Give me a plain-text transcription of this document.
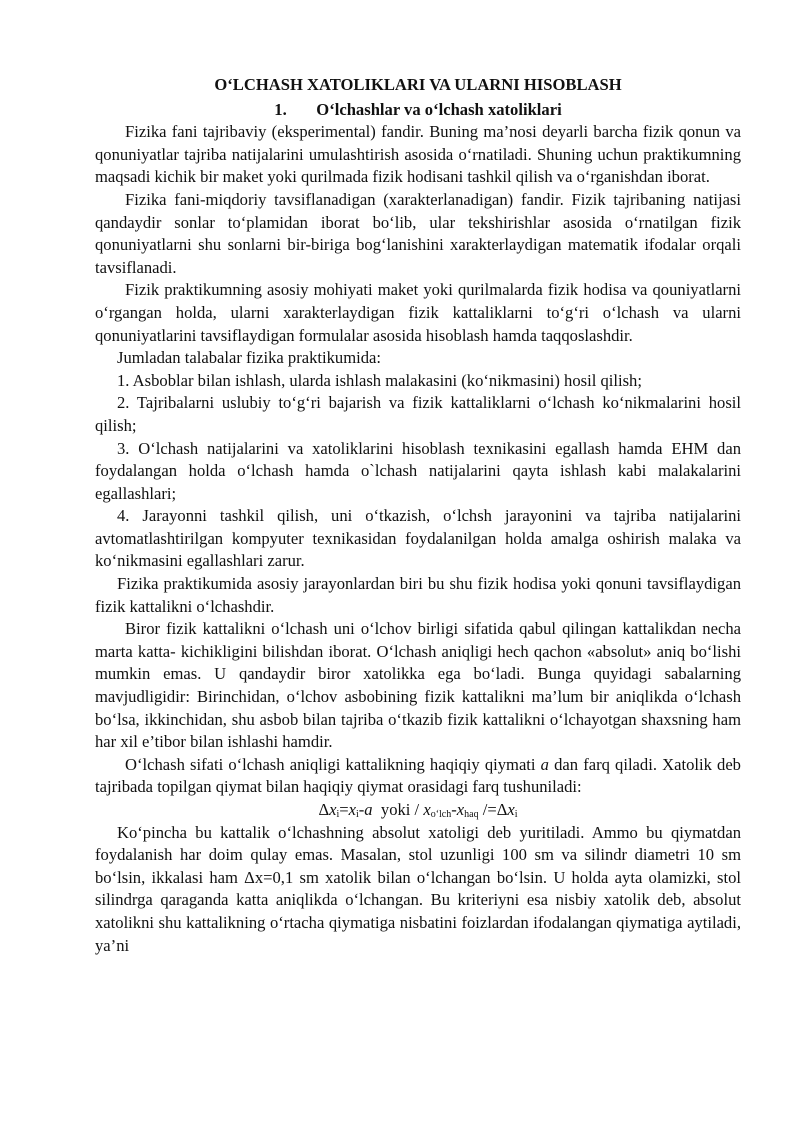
O‘LCHASH XATOLIKLARI VA ULARNI HISOBLASH
1. O‘lchashlar va o‘lchash xatoliklari

Fizika fani tajribaviy (eksperimental) fandir. Buning ma’nosi deyarli barcha fizik qonun va qonuniyatlar tajriba natijalarini umulashtirish asosida o‘rnatiladi. Shuning uchun praktikumning maqsadi kichik bir maket yoki qurilmada fizik hodisani tashkil qilish va o‘rganishdan iborat.

Fizika fani-miqdoriy tavsiflanadigan (xarakterlanadigan) fandir. Fizik tajribaning natijasi qandaydir sonlar to‘plamidan iborat bo‘lib, ular tekshirishlar asosida o‘rnatilgan fizik qonuniyatlarni shu sonlarni bir-biriga bog‘lanishini xarakterlaydigan matematik ifodalar orqali tavsiflanadi.

Fizik praktikumning asosiy mohiyati maket yoki qurilmalarda fizik hodisa va qouniyatlarni o‘rgangan holda, ularni xarakterlaydigan fizik kattaliklarni to‘g‘ri o‘lchash va ularni qonuniyatlarini tavsiflaydigan formulalar asosida hisoblash hamda taqqoslashdir.

Jumladan talabalar fizika praktikumida:

1. Asboblar bilan ishlash, ularda ishlash malakasini (ko‘nikmasini) hosil qilish;

2. Tajribalarni uslubiy to‘g‘ri bajarish va fizik kattaliklarni o‘lchash ko‘nikmalarini hosil qilish;

3. O‘lchash natijalarini va xatoliklarini hisoblash texnikasini egallash hamda EHM dan foydalangan holda o‘lchash hamda o`lchash natijalarini qayta ishlash kabi malakalarini egallashlari;

4. Jarayonni tashkil qilish, uni o‘tkazish, o‘lchsh jarayonini va tajriba natijalarini avtomatlashtirilgan kompyuter texnikasidan foydalanilgan holda amalga oshirish malaka va ko‘nikmasini egallashlari zarur.

Fizika praktikumida asosiy jarayonlardan biri bu shu fizik hodisa yoki qonuni tavsiflaydigan fizik kattalikni o‘lchashdir.

Biror fizik kattalikni o‘lchash uni o‘lchov birligi sifatida qabul qilingan kattalikdan necha marta katta- kichikligini bilishdan iborat. O‘lchash aniqligi hech qachon «absolut» aniq bo‘lishi mumkin emas. U qandaydir biror xatolikka ega bo‘ladi. Bunga quyidagi sabalarning mavjudligidir: Birinchidan, o‘lchov asbobining fizik kattalikni ma’lum bir aniqlikda o‘lchash bo‘lsa, ikkinchidan, shu asbob bilan tajriba o‘tkazib fizik kattalikni o‘lchayotgan shaxsning ham har xil e’tibor bilan ishlashi hamdir.

O‘lchash sifati o‘lchash aniqligi kattalikning haqiqiy qiymati a dan farq qiladi. Xatolik deb tajribada topilgan qiymat bilan haqiqiy qiymat orasidagi farq tushuniladi:

$\Delta x_i=x_i-a$ yoki / $x_{o‘lch}-x_{haq}$ $/=\Delta x_i$

Ko‘pincha bu kattalik o‘lchashning absolut xatoligi deb yuritiladi. Ammo bu qiymatdan foydalanish har doim qulay emas. Masalan, stol uzunligi 100 sm va silindr diametri 10 sm bo‘lsin, ikkalasi ham Δx=0,1 sm xatolik bilan o‘lchangan bo‘lsin. U holda ayta olamizki, stol silindrga qaraganda katta aniqlikda o‘lchangan. Bu kriteriyni esa nisbiy xatolik deb, absolut xatolikni shu kattalikning o‘rtacha qiymatiga nisbatini foizlardan ifodalangan qiymatiga aytiladi, ya’ni
